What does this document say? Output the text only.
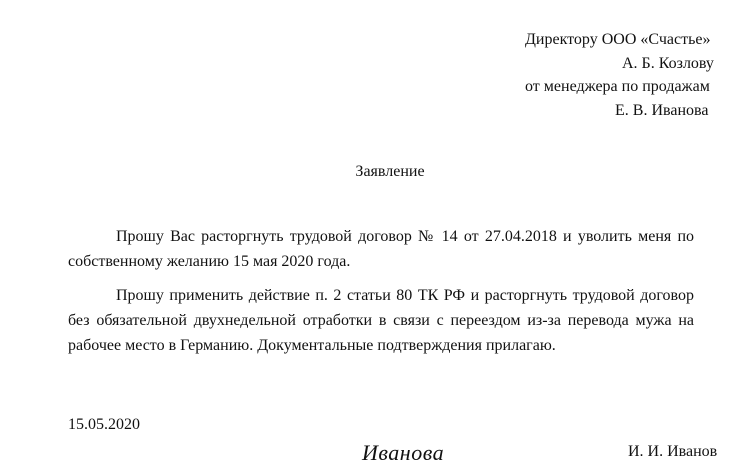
Директору ООО «Счастье»
А. Б. Козлову
от менеджера по продажам
Е. В. Иванова
Заявление
Прошу Вас расторгнуть трудовой договор № 14 от 27.04.2018 и уволить меня по
собственному желанию 15 мая 2020 года.
Прошу применить действие п. 2 статьи 80 ТК РФ и расторгнуть трудовой договор
без обязательной двухнедельной отработки в связи с переездом из-за перевода мужа на
рабочее место в Германию. Документальные подтверждения прилагаю.
15.05.2020
Иванова	И. И. Иванов
